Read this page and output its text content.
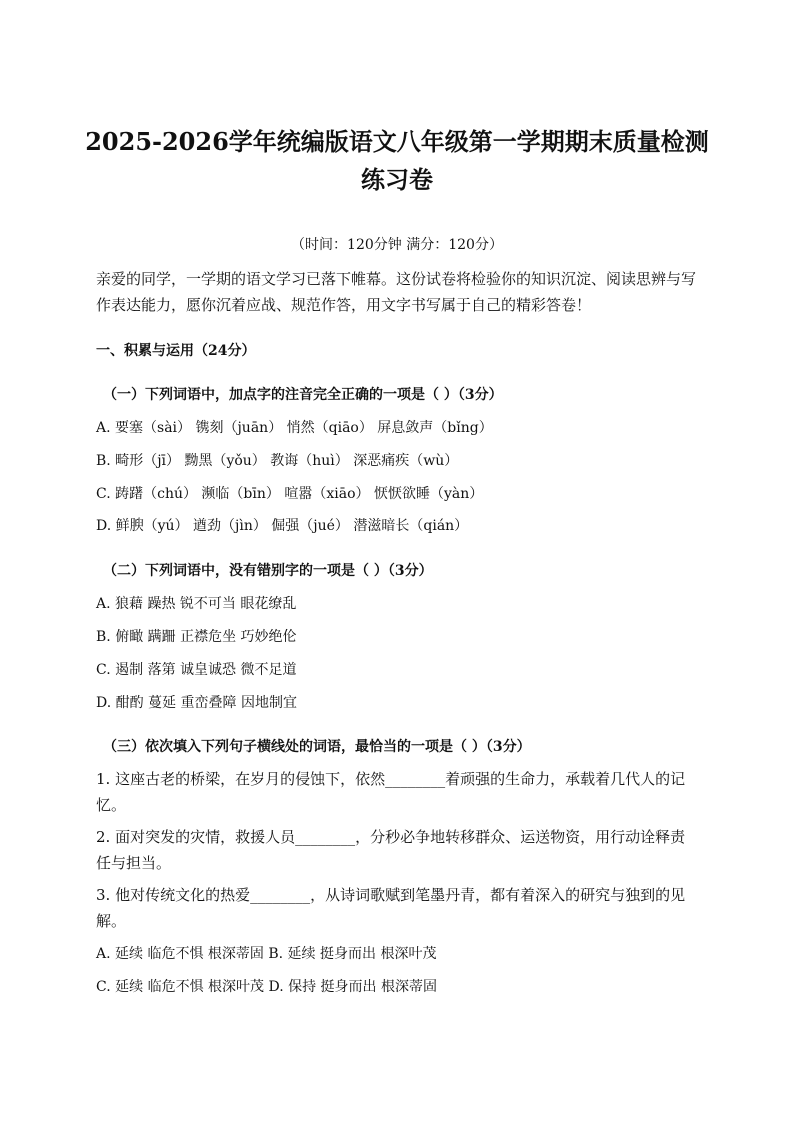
2025-2026学年统编版语文八年级第一学期期末质量检测
练习卷
（时间：120分钟 满分：120分）

亲爱的同学，一学期的语文学习已落下帷幕。这份试卷将检验你的知识沉淀、阅读思辨与写作表达能力，愿你沉着应战、规范作答，用文字书写属于自己的精彩答卷！

一、积累与运用（24分）
（一）下列词语中，加点字的注音完全正确的一项是（ ）（3分）

A. 要塞（sài） 镌刻（juān） 悄然（qiāo） 屏息敛声（bǐng）

B. 畸形（jī） 黝黑（yǒu） 教诲（huì） 深恶痛疾（wù）

C. 踌躇（chú） 濒临（bīn） 喧嚣（xiāo） 恹恹欲睡（yàn）

D. 鲜腴（yú） 遒劲（jìn） 倔强（jué） 潜滋暗长（qián）

（二）下列词语中，没有错别字的一项是（ ）（3分）

A. 狼藉 躁热 锐不可当 眼花缭乱

B. 俯瞰 蹒跚 正襟危坐 巧妙绝伦

C. 遏制 落第 诚皇诚恐 微不足道

D. 酣酌 蔓延 重峦叠障 因地制宜

（三）依次填入下列句子横线处的词语，最恰当的一项是（ ）（3分）

1. 这座古老的桥梁，在岁月的侵蚀下，依然________着顽强的生命力，承载着几代人的记忆。

2. 面对突发的灾情，救援人员________，分秒必争地转移群众、运送物资，用行动诠释责任与担当。

3. 他对传统文化的热爱________，从诗词歌赋到笔墨丹青，都有着深入的研究与独到的见解。

A. 延续 临危不惧 根深蒂固 B. 延续 挺身而出 根深叶茂

C. 延续 临危不惧 根深叶茂 D. 保持 挺身而出 根深蒂固
